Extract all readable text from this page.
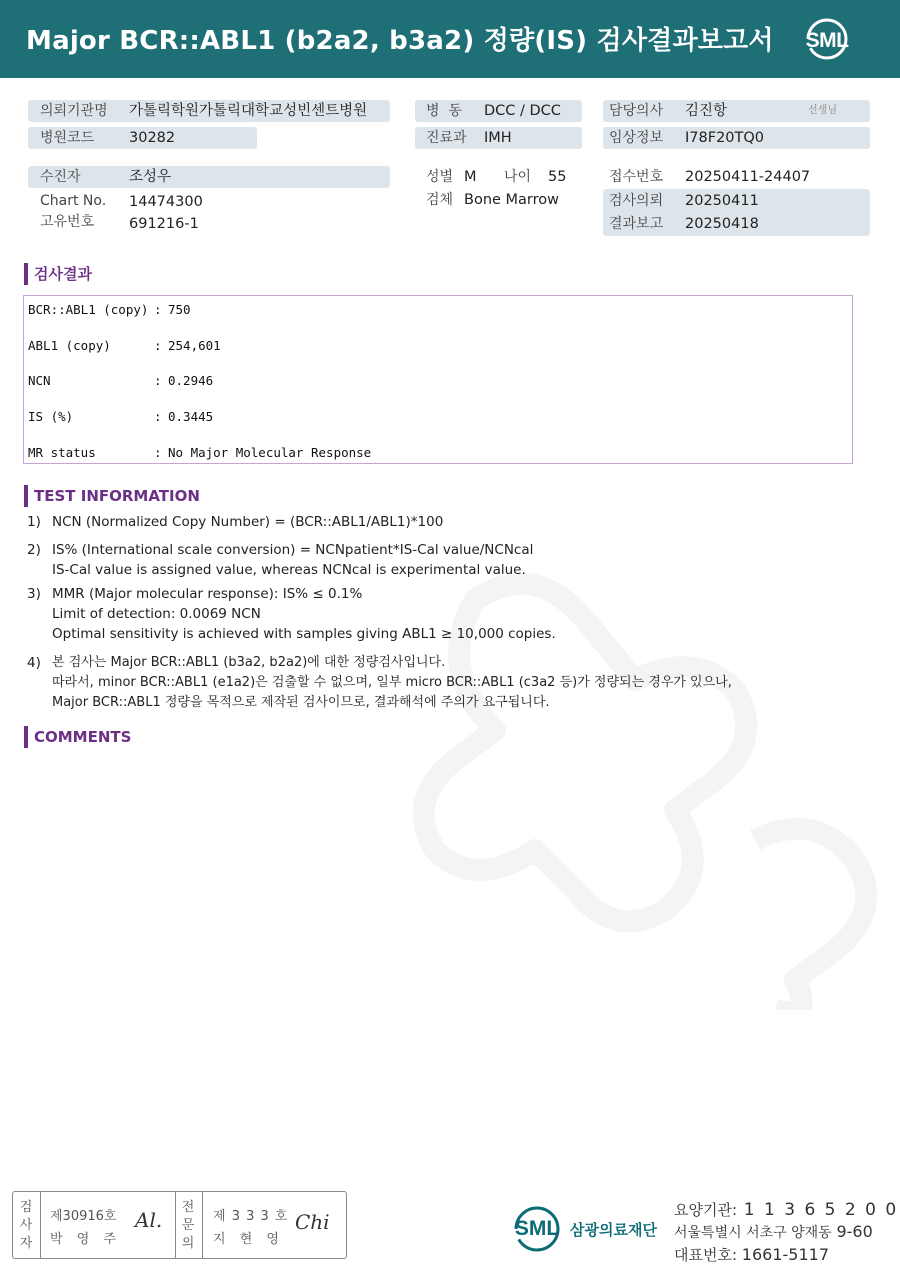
Major BCR::ABL1 (b2a2, b3a2) 정량(IS) 검사결과보고서 SML
의뢰기관명 가톨릭학원가톨릭대학교성빈센트병원
병원코드 30282
병  동 DCC / DCC
진료과 IMH
담당의사 김진항	선생님
임상정보 I78F20TQ0
수진자	조성우
Chart No. 14474300
고유번호 691216-1
성별 M 나이 55
검체 Bone Marrow
접수번호 20250411-24407
검사의뢰 20250411
결과보고 20250418
검사결과
BCR::ABL1 (copy) : 750
ABL1 (copy)	: 254,601
NCN	: 0.2946
IS (%)	: 0.3445
MR status	: No Major Molecular Response
TEST INFORMATION
1) NCN (Normalized Copy Number) = (BCR::ABL1/ABL1)*100
2) IS% (International scale conversion) = NCNpatient*IS-Cal value/NCNcal
IS-Cal value is assigned value, whereas NCNcal is experimental value.
3) MMR (Major molecular response): IS% ≤ 0.1%
Limit of detection: 0.0069 NCN
Optimal sensitivity is achieved with samples giving ABL1 ≥ 10,000 copies.
4) 본 검사는 Major BCR::ABL1 (b3a2, b2a2)에 대한 정량검사입니다.
따라서, minor BCR::ABL1 (e1a2)은 검출할 수 없으며, 일부 micro BCR::ABL1 (c3a2 등)가 정량되는 경우가 있으나,
Major BCR::ABL1 정량을 목적으로 제작된 검사이므로, 결과해석에 주의가 요구됩니다.
COMMENTS
검
사
자
제30916호
박 영 주
Al.
전
문
의
제 3 3 3 호
지 현 영
Chi	SML 삼광의료재단
요양기관: 1 1 3 6 5 2 0 0
서울특별시 서초구 양재동 9-60
대표번호: 1661-5117
